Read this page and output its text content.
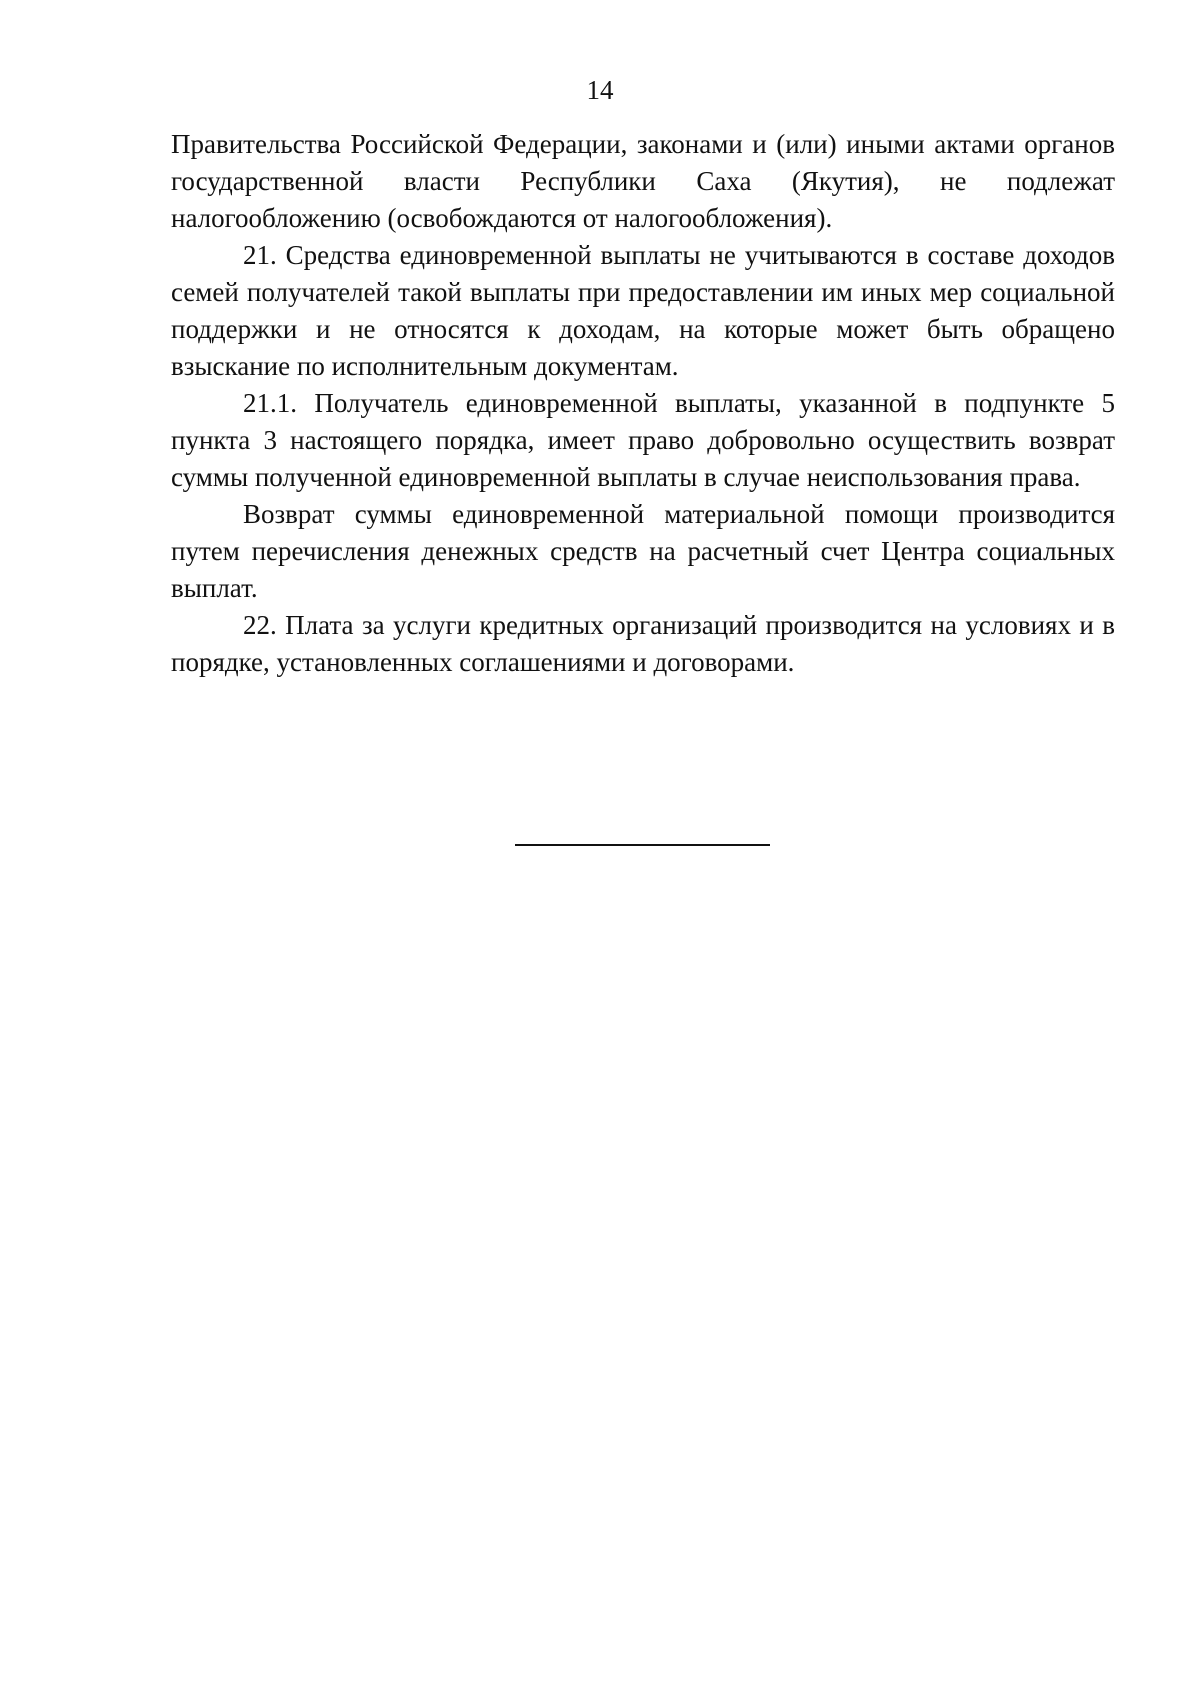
14

Правительства Российской Федерации, законами и (или) иными актами органов государственной власти Республики Саха (Якутия), не подлежат налогообложению (освобождаются от налогообложения).

21. Средства единовременной выплаты не учитываются в составе доходов семей получателей такой выплаты при предоставлении им иных мер социальной поддержки и не относятся к доходам, на которые может быть обращено взыскание по исполнительным документам.

21.1. Получатель единовременной выплаты, указанной в подпункте 5 пункта 3 настоящего порядка, имеет право добровольно осуществить возврат суммы полученной единовременной выплаты в случае неиспользования права.

Возврат суммы единовременной материальной помощи производится путем перечисления денежных средств на расчетный счет Центра социальных выплат.

22. Плата за услуги кредитных организаций производится на условиях и в порядке, установленных соглашениями и договорами.
